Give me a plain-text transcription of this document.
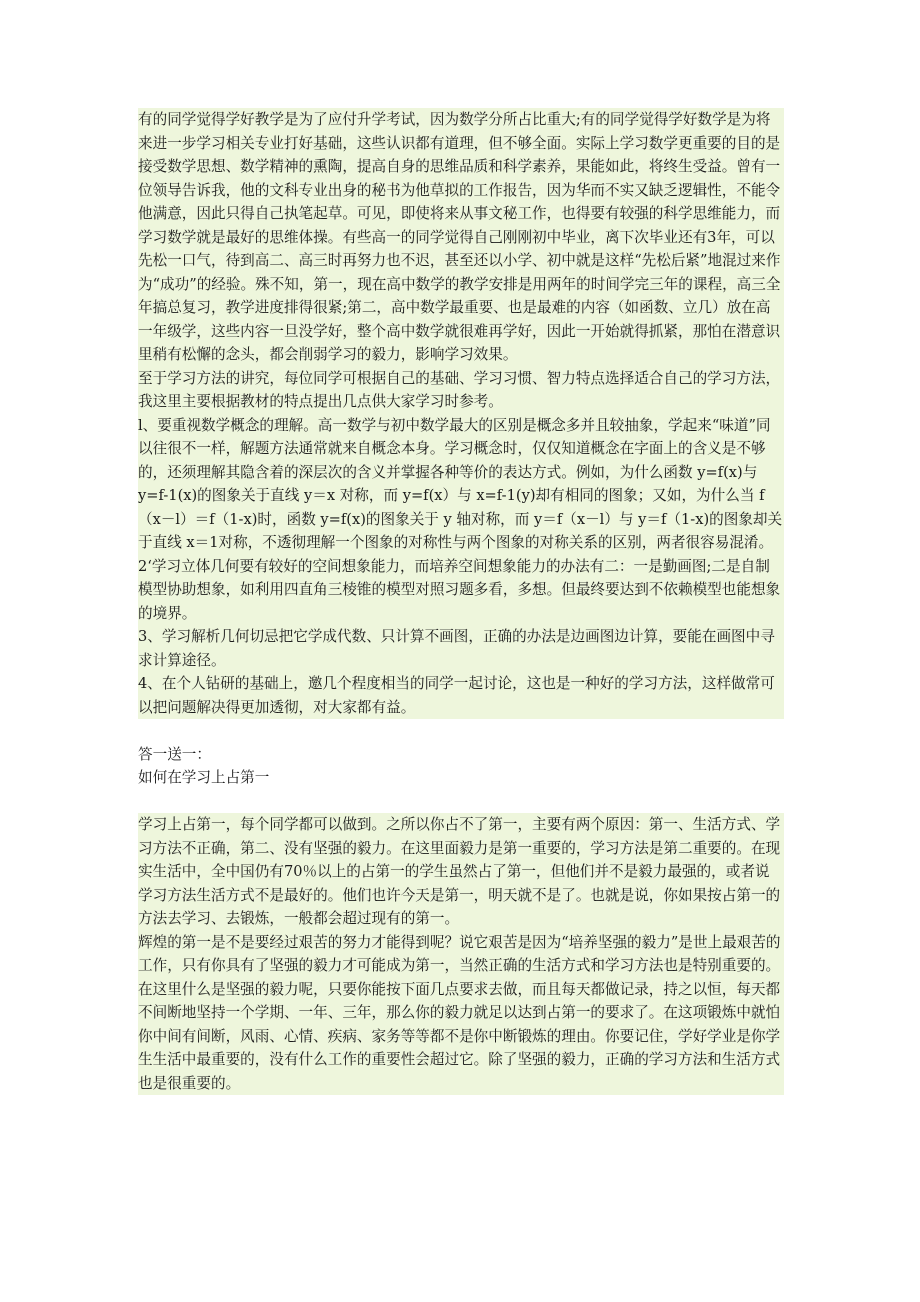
有的同学觉得学好教学是为了应付升学考试，因为数学分所占比重大;有的同学觉得学好数学是为将来进一步学习相关专业打好基础，这些认识都有道理，但不够全面。实际上学习数学更重要的目的是接受数学思想、数学精神的熏陶，提高自身的思维品质和科学素养，果能如此，将终生受益。曾有一位领导告诉我，他的文科专业出身的秘书为他草拟的工作报告，因为华而不实又缺乏逻辑性，不能令他满意，因此只得自己执笔起草。可见，即使将来从事文秘工作，也得要有较强的科学思维能力，而学习数学就是最好的思维体操。有些高一的同学觉得自己刚刚初中毕业，离下次毕业还有3年，可以先松一口气，待到高二、高三时再努力也不迟，甚至还以小学、初中就是这样“先松后紧”地混过来作为“成功”的经验。殊不知，第一，现在高中数学的教学安排是用两年的时间学完三年的课程，高三全年搞总复习，教学进度排得很紧;第二，高中数学最重要、也是最难的内容（如函数、立几）放在高一年级学，这些内容一旦没学好，整个高中数学就很难再学好，因此一开始就得抓紧，那怕在潜意识里稍有松懈的念头，都会削弱学习的毅力，影响学习效果。
至于学习方法的讲究，每位同学可根据自己的基础、学习习惯、智力特点选择适合自己的学习方法，我这里主要根据教材的特点提出几点供大家学习时参考。
l、要重视数学概念的理解。高一数学与初中数学最大的区别是概念多并且较抽象，学起来“味道”同以往很不一样，解题方法通常就来自概念本身。学习概念时，仅仅知道概念在字面上的含义是不够的，还须理解其隐含着的深层次的含义并掌握各种等价的表达方式。例如，为什么函数 y=f(x)与 y=f-1(x)的图象关于直线 y＝x 对称，而 y=f(x）与 x=f-1(y)却有相同的图象；又如，为什么当 f（x－l）＝f（1-x)时，函数 y=f(x)的图象关于 y 轴对称，而 y＝f（x－l）与 y＝f（1-x)的图象却关于直线 x＝1对称，不透彻理解一个图象的对称性与两个图象的对称关系的区别，两者很容易混淆。
2‘学习立体几何要有较好的空间想象能力，而培养空间想象能力的办法有二：一是勤画图;二是自制模型协助想象，如利用四直角三棱锥的模型对照习题多看，多想。但最终要达到不依赖模型也能想象的境界。
3、学习解析几何切忌把它学成代数、只计算不画图，正确的办法是边画图边计算，要能在画图中寻求计算途径。
4、在个人钻研的基础上，邀几个程度相当的同学一起讨论，这也是一种好的学习方法，这样做常可以把问题解决得更加透彻，对大家都有益。
答一送一：
如何在学习上占第一
学习上占第一，每个同学都可以做到。之所以你占不了第一，主要有两个原因：第一、生活方式、学习方法不正确，第二、没有坚强的毅力。在这里面毅力是第一重要的，学习方法是第二重要的。在现实生活中，全中国仍有70％以上的占第一的学生虽然占了第一，但他们并不是毅力最强的，或者说学习方法生活方式不是最好的。他们也许今天是第一，明天就不是了。也就是说，你如果按占第一的方法去学习、去锻炼，一般都会超过现有的第一。
辉煌的第一是不是要经过艰苦的努力才能得到呢？说它艰苦是因为“培养坚强的毅力”是世上最艰苦的工作，只有你具有了坚强的毅力才可能成为第一，当然正确的生活方式和学习方法也是特别重要的。在这里什么是坚强的毅力呢，只要你能按下面几点要求去做，而且每天都做记录，持之以恒，每天都不间断地坚持一个学期、一年、三年，那么你的毅力就足以达到占第一的要求了。在这项锻炼中就怕你中间有间断，风雨、心情、疾病、家务等等都不是你中断锻炼的理由。你要记住，学好学业是你学生生活中最重要的，没有什么工作的重要性会超过它。除了坚强的毅力，正确的学习方法和生活方式也是很重要的。
